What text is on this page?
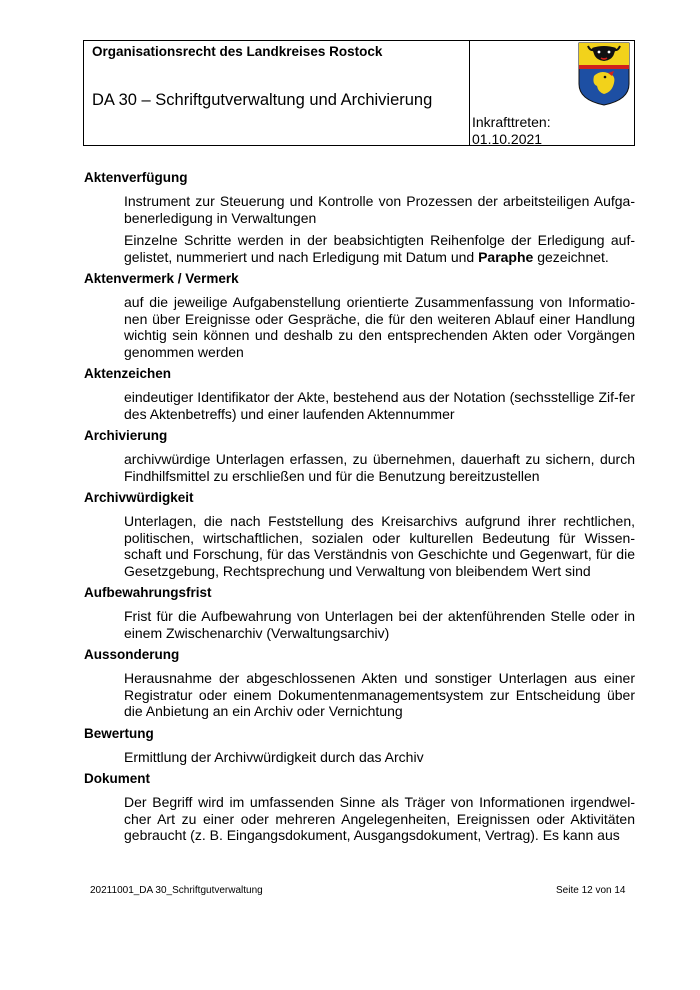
Organisationsrecht des Landkreises Rostock
DA 30 – Schriftgutverwaltung und Archivierung
Inkrafttreten:
01.10.2021
Aktenverfügung

Instrument zur Steuerung und Kontrolle von Prozessen der arbeitsteiligen Aufga-benerledigung in Verwaltungen

Einzelne Schritte werden in der beabsichtigten Reihenfolge der Erledigung auf-gelistet, nummeriert und nach Erledigung mit Datum und Paraphe gezeichnet.

Aktenvermerk / Vermerk

auf die jeweilige Aufgabenstellung orientierte Zusammenfassung von Informatio-nen über Ereignisse oder Gespräche, die für den weiteren Ablauf einer Handlung wichtig sein können und deshalb zu den entsprechenden Akten oder Vorgängen genommen werden

Aktenzeichen

eindeutiger Identifikator der Akte, bestehend aus der Notation (sechsstellige Zif-fer des Aktenbetreffs) und einer laufenden Aktennummer

Archivierung

archivwürdige Unterlagen erfassen, zu übernehmen, dauerhaft zu sichern, durch Findhilfsmittel zu erschließen und für die Benutzung bereitzustellen

Archivwürdigkeit

Unterlagen, die nach Feststellung des Kreisarchivs aufgrund ihrer rechtlichen, politischen, wirtschaftlichen, sozialen oder kulturellen Bedeutung für Wissen-schaft und Forschung, für das Verständnis von Geschichte und Gegenwart, für die Gesetzgebung, Rechtsprechung und Verwaltung von bleibendem Wert sind

Aufbewahrungsfrist

Frist für die Aufbewahrung von Unterlagen bei der aktenführenden Stelle oder in einem Zwischenarchiv (Verwaltungsarchiv)

Aussonderung

Herausnahme der abgeschlossenen Akten und sonstiger Unterlagen aus einer Registratur oder einem Dokumentenmanagementsystem zur Entscheidung über die Anbietung an ein Archiv oder Vernichtung

Bewertung

Ermittlung der Archivwürdigkeit durch das Archiv

Dokument

Der Begriff wird im umfassenden Sinne als Träger von Informationen irgendwel-cher Art zu einer oder mehreren Angelegenheiten, Ereignissen oder Aktivitäten gebraucht (z. B. Eingangsdokument, Ausgangsdokument, Vertrag). Es kann aus

20211001_DA 30_Schriftgutverwaltung	Seite 12 von 14
